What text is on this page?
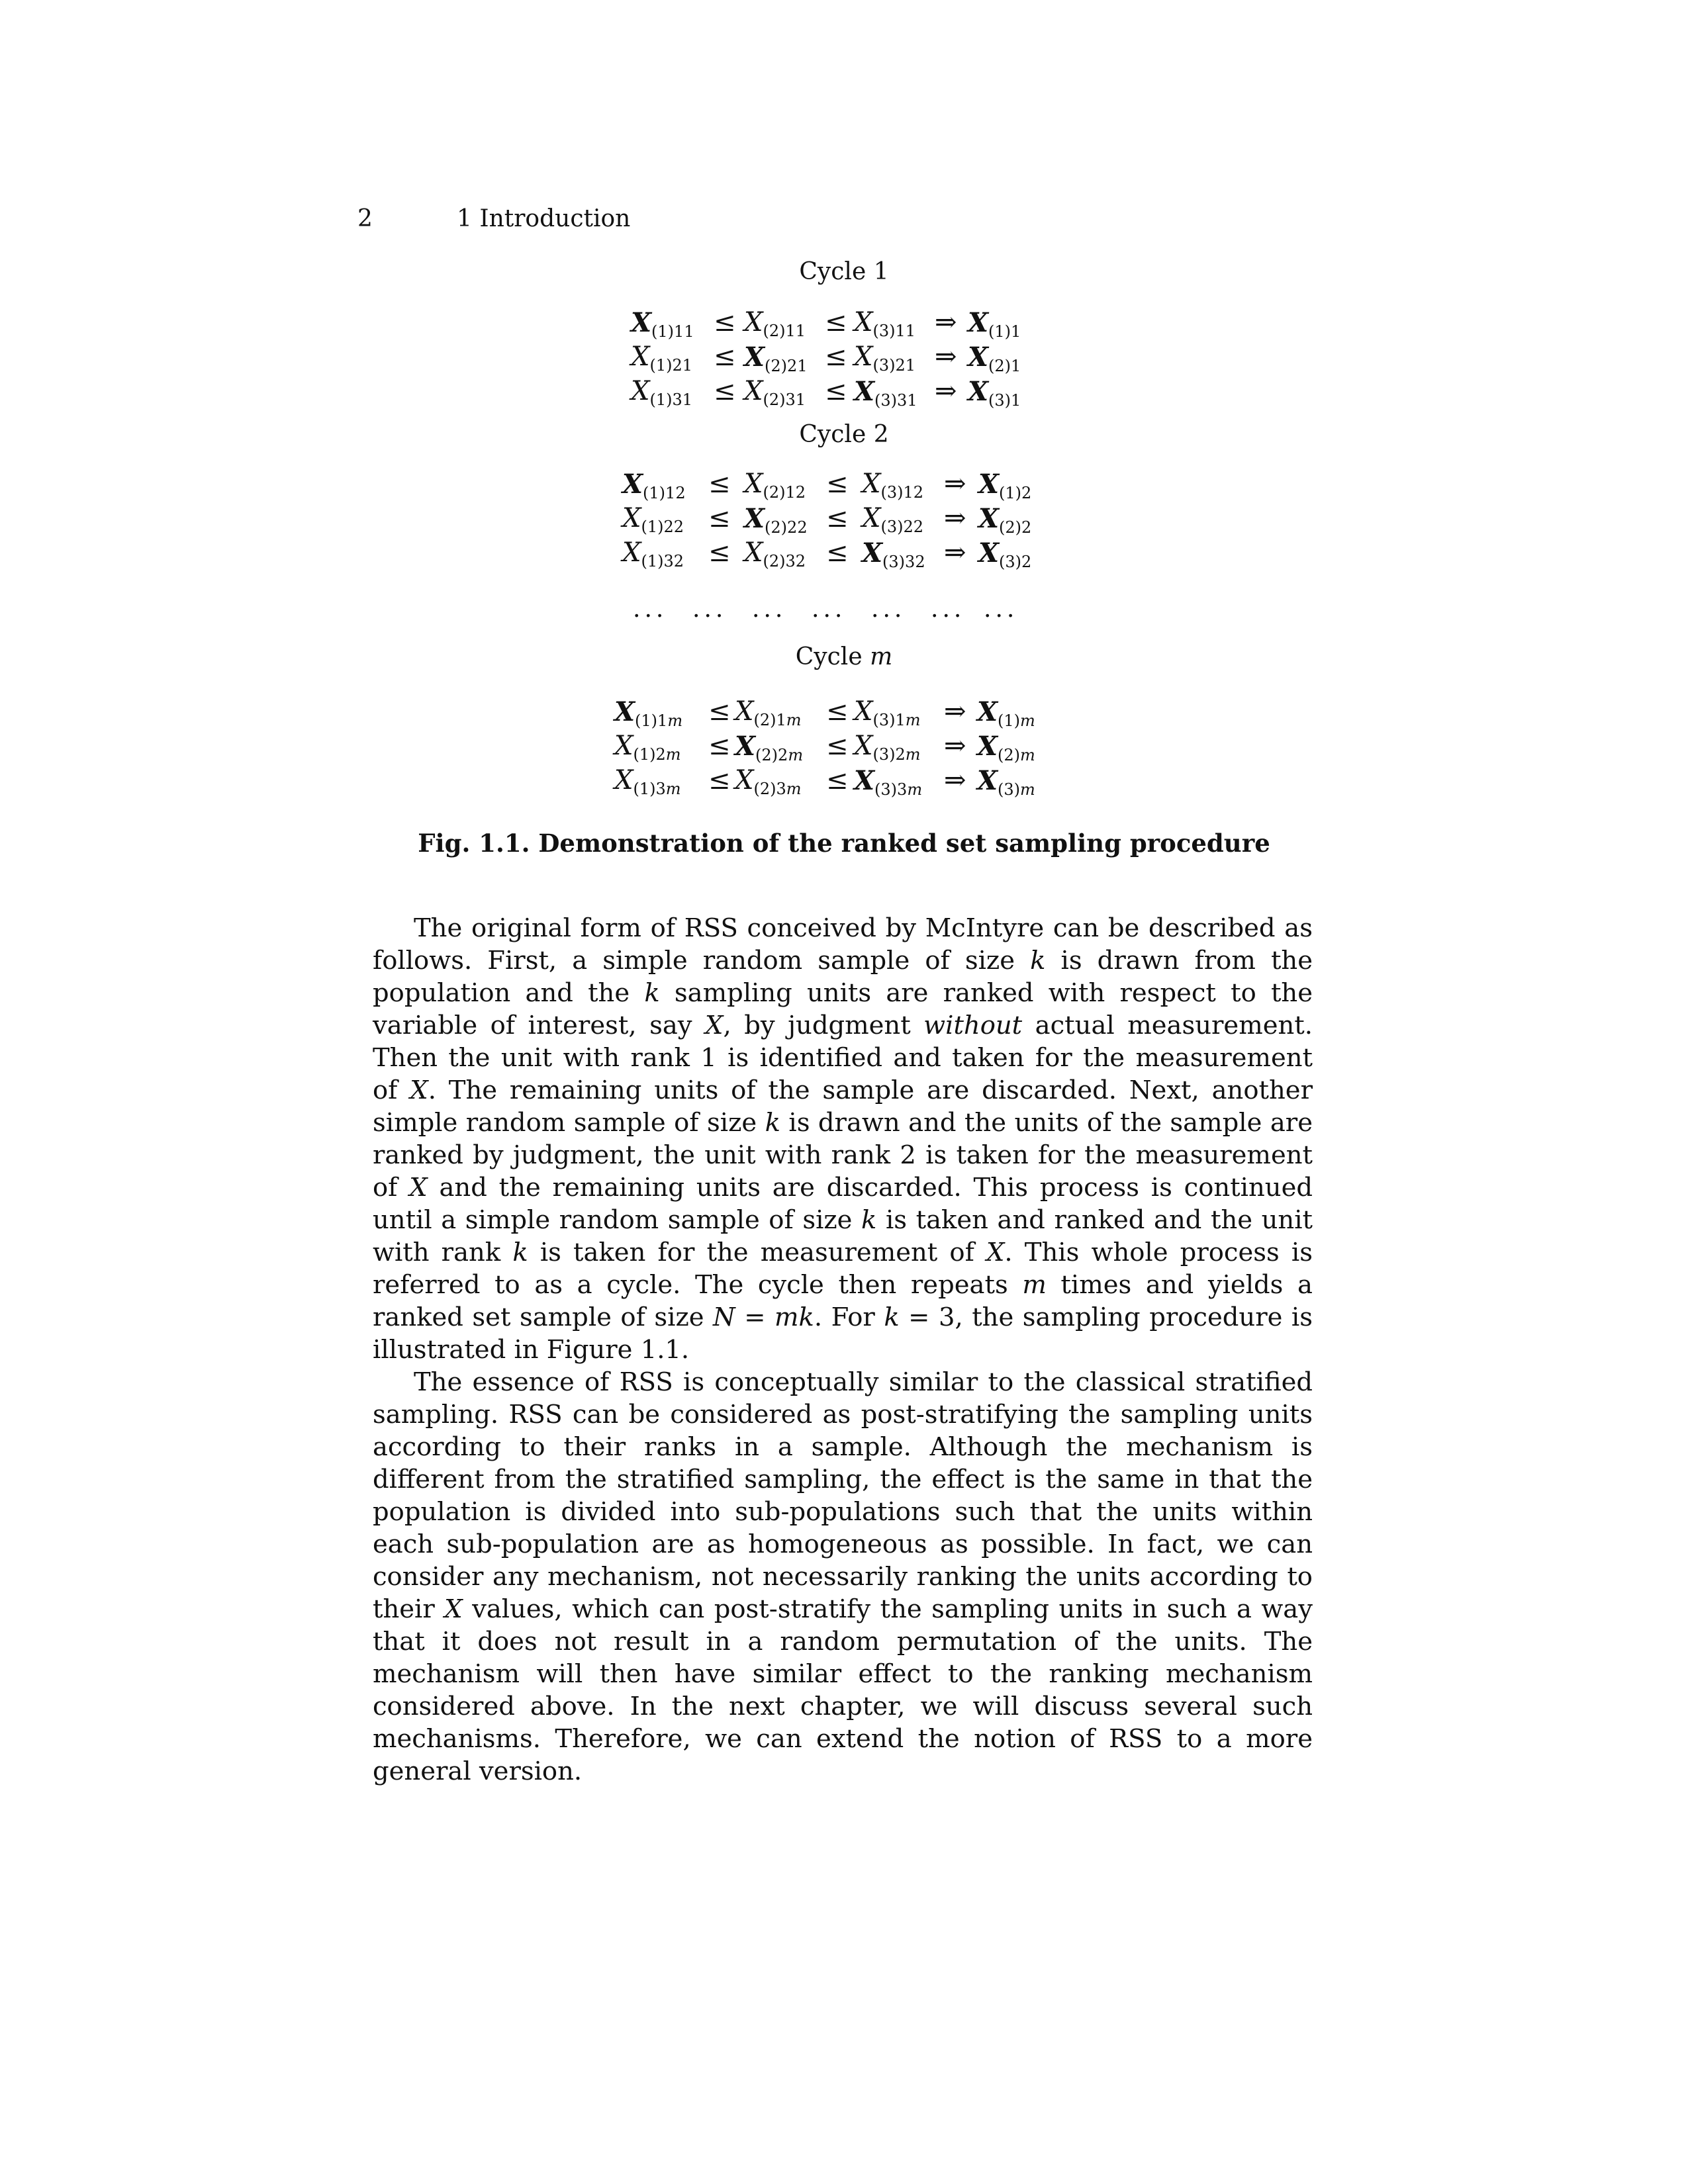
2	1 Introduction
Cycle 1
$X_{(1)11} \le X_{(2)11} \le X_{(3)11}$ ⇒ $X_{(1)1}$
$X_{(1)21} \le X_{(2)21} \le X_{(3)21}$ ⇒ $X_{(2)1}$
$X_{(1)31} \le X_{(2)31} \le X_{(3)31}$ ⇒ $X_{(3)1}$
Cycle 2
$X_{(1)12} \le X_{(2)12} \le X_{(3)12}$ ⇒ $X_{(1)2}$
$X_{(1)22} \le X_{(2)22} \le X_{(3)22}$ ⇒ $X_{(2)2}$
$X_{(1)32} \le X_{(2)32} \le X_{(3)32}$ ⇒ $X_{(3)2}$
... ... ... ... ... ... ...
Cycle m
$X_{(1)1m} \le X_{(2)1m} \le X_{(3)1m}$ ⇒ $X_{(1)m}$
$X_{(1)2m} \le X_{(2)2m} \le X_{(3)2m}$ ⇒ $X_{(2)m}$
$X_{(1)3m} \le X_{(2)3m} \le X_{(3)3m}$ ⇒ $X_{(3)m}$
Fig. 1.1. Demonstration of the ranked set sampling procedure

The original form of RSS conceived by McIntyre can be described as follows. First, a simple random sample of size k is drawn from the population and the k sampling units are ranked with respect to the variable of interest, say X, by judgment without actual measurement. Then the unit with rank 1 is identified and taken for the measurement of X. The remaining units of the sample are discarded. Next, another simple random sample of size k is drawn and the units of the sample are ranked by judgment, the unit with rank 2 is taken for the measurement of X and the remaining units are discarded. This process is continued until a simple random sample of size k is taken and ranked and the unit with rank k is taken for the measurement of X. This whole process is referred to as a cycle. The cycle then repeats m times and yields a ranked set sample of size N = mk. For k = 3, the sampling procedure is illustrated in Figure 1.1.

The essence of RSS is conceptually similar to the classical stratified sampling. RSS can be considered as post-stratifying the sampling units according to their ranks in a sample. Although the mechanism is different from the stratified sampling, the effect is the same in that the population is divided into sub-populations such that the units within each sub-population are as homogeneous as possible. In fact, we can consider any mechanism, not necessarily ranking the units according to their X values, which can post-stratify the sampling units in such a way that it does not result in a random permutation of the units. The mechanism will then have similar effect to the ranking mechanism considered above. In the next chapter, we will discuss several such mechanisms. Therefore, we can extend the notion of RSS to a more general version.
